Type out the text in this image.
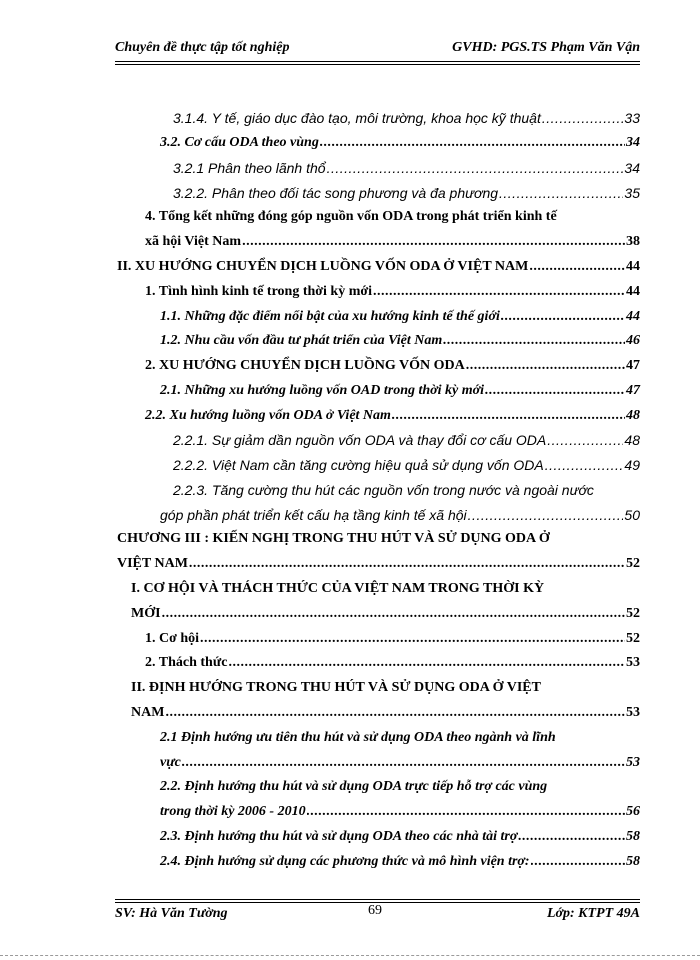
Chuyên đề thực tập tốt nghiệp	GVHD: PGS.TS Phạm Văn Vận
3.1.4. Y tế, giáo dục đào tạo, môi trường, khoa học kỹ thuật .....	33
3.2. Cơ cấu ODA theo vùng .....	34
3.2.1 Phân theo lãnh thổ .....	34
3.2.2. Phân theo đối tác song phương và đa phương .....	35
4. Tổng kết những đóng góp nguồn vốn ODA trong phát triển kinh tế
xã hội Việt Nam .....	38
II. XU HƯỚNG CHUYỂN DỊCH LUỒNG VỐN ODA Ở VIỆT NAM .....	44
1. Tình hình kinh tế trong thời kỳ mới .....	44
1.1. Những đặc điểm nổi bật của xu hướng kinh tế thế giới .....	44
1.2. Nhu cầu vốn đầu tư phát triển của Việt Nam .....	46
2. XU HƯỚNG CHUYỂN DỊCH LUỒNG VỐN ODA .....	47
2.1. Những xu hướng luồng vốn OAD trong thời kỳ mới .....	47
2.2. Xu hướng luồng vốn ODA ở Việt Nam .....	48
2.2.1. Sự giảm dần nguồn vốn ODA và thay đổi cơ cấu ODA .....	48
2.2.2. Việt Nam cần tăng cường hiệu quả sử dụng vốn ODA .....	49
2.2.3. Tăng cường thu hút các nguồn vốn trong nước và ngoài nước
góp phần phát triển kết cấu hạ tầng kinh tế xã hội .....	50
CHƯƠNG III : KIẾN NGHỊ TRONG THU HÚT VÀ SỬ DỤNG ODA Ở
VIỆT NAM .....	52
I. CƠ HỘI VÀ THÁCH THỨC CỦA VIỆT NAM TRONG THỜI KỲ
MỚI .....	52
1. Cơ hội .....	52
2. Thách thức .....	53
II. ĐỊNH HƯỚNG TRONG THU HÚT VÀ SỬ DỤNG ODA Ở VIỆT
NAM .....	53
2.1 Định hướng ưu tiên thu hút và sử dụng ODA theo ngành và lĩnh
vực .....	53
2.2. Định hướng thu hút và sử dụng ODA trực tiếp hỗ trợ các vùng
trong thời kỳ 2006 - 2010 .....	56
2.3. Định hướng thu hút và sử dụng ODA theo các nhà tài trợ .....	58
2.4. Định hướng sử dụng các phương thức và mô hình viện trợ: .....	58
SV: Hà Văn Tường	69	Lớp: KTPT 49A
